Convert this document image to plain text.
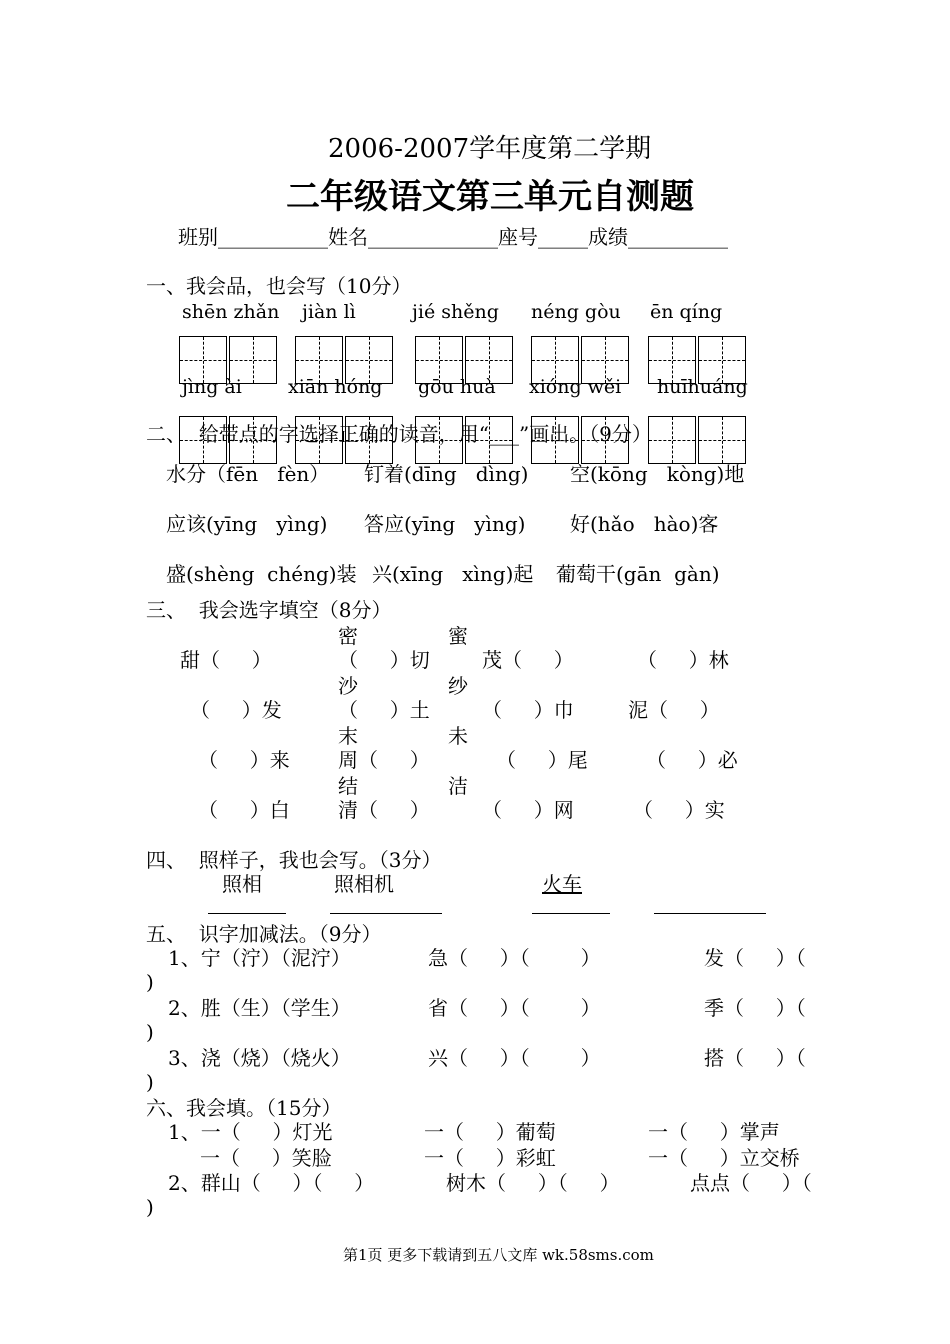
2006-2007学年度第二学期
二年级语文第三单元自测题
班别___________姓名_____________座号_____成绩__________
一、我会品，也会写（10分）
shēn zhǎn jiàn lì	jié shěng néng gòu ēn qíng
jìng ài xiān hóng gōu huà xióng wěi huīhuáng
二、  给带点的字选择正确的读音，用“___”画出。（9分）
水分（fēn   fèn） 钉着(dīng   dìng) 空(kōng   kòng)地
应该(yīng   yìng) 答应(yīng   yìng) 好(hǎo   hào)客
盛(shèng  chéng)装 兴(xīng   xìng)起 葡萄干(gān  gàn)
三、  我会选字填空（8分）
密	蜜
甜（     ）	（     ）切	茂（     ）	（     ）林
沙	纱
（     ）发	（     ）土	（     ）巾	泥（     ）
末	未
（     ）来 周（     ）	（     ）尾	（     ）必
结	洁
（     ）白 清（     ）	（     ）网	（     ）实
四、  照样子，我也会写。（3分）
照相	照相机	火车
五、  识字加减法。（9分）
1、宁（泞）（泥泞）	急（     ）（        ）	发（     ）（
)
2、胜（生）（学生）	省（     ）（        ）	季（     ）（
)
3、浇（烧）（烧火）	兴（     ）（        ）	搭（     ）（
)
六、我会填。（15分）
1、一（     ）灯光	一（     ）葡萄	一（     ）掌声
一（     ）笑脸	一（     ）彩虹	一（     ）立交桥
2、群山（     ）（     ）	树木（     ）（     ）	点点（     ）（
)
第1页 更多下载请到五八文库 wk.58sms.com
